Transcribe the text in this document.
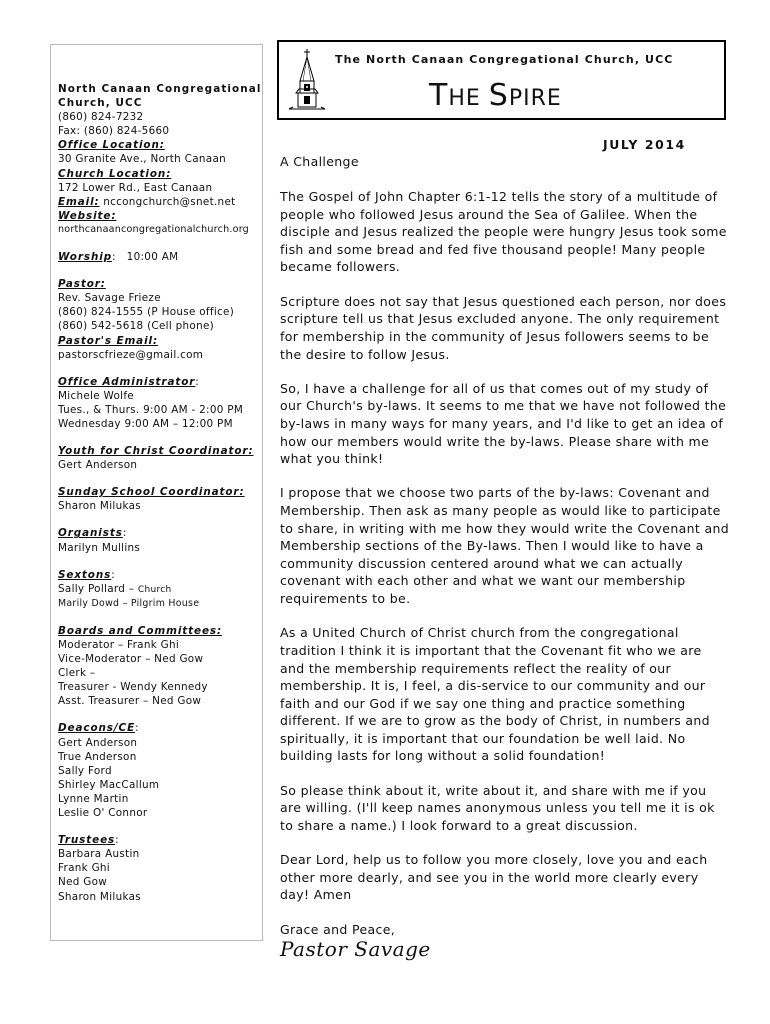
The North Canaan Congregational Church, UCC
THE SPIRE
JULY 2014
North Canaan Congregational
Church, UCC
(860) 824-7232
Fax: (860) 824-5660
Office Location:
30 Granite Ave., North Canaan
Church Location:
172 Lower Rd., East Canaan
Email: nccongchurch@snet.net
Website:
northcanaancongregationalchurch.org
Worship:   10:00 AM
Pastor:
Rev. Savage Frieze
(860) 824-1555 (P House office)
(860) 542-5618 (Cell phone)
Pastor's Email:
pastorscfrieze@gmail.com
Office Administrator:
Michele Wolfe
Tues., & Thurs. 9:00 AM - 2:00 PM
Wednesday 9:00 AM – 12:00 PM
Youth for Christ Coordinator:
Gert Anderson
Sunday School Coordinator:
Sharon Milukas
Organists:
Marilyn Mullins
Sextons:
Sally Pollard – Church
Marily Dowd – Pilgrim House
Boards and Committees:
Moderator – Frank Ghi
Vice-Moderator – Ned Gow
Clerk –
Treasurer - Wendy Kennedy
Asst. Treasurer – Ned Gow
Deacons/CE:
Gert Anderson
True Anderson
Sally Ford
Shirley MacCallum
Lynne Martin
Leslie O' Connor
Trustees:
Barbara Austin
Frank Ghi
Ned Gow
Sharon Milukas

A Challenge

The Gospel of John Chapter 6:1-12 tells the story of a multitude of people who followed Jesus around the Sea of Galilee. When the disciple and Jesus realized the people were hungry Jesus took some fish and some bread and fed five thousand people! Many people became followers.

Scripture does not say that Jesus questioned each person, nor does scripture tell us that Jesus excluded anyone. The only requirement for membership in the community of Jesus followers seems to be the desire to follow Jesus.

So, I have a challenge for all of us that comes out of my study of our Church's by-laws. It seems to me that we have not followed the by-laws in many ways for many years, and I'd like to get an idea of how our members would write the by-laws. Please share with me what you think!

I propose that we choose two parts of the by-laws: Covenant and Membership. Then ask as many people as would like to participate to share, in writing with me how they would write the Covenant and Membership sections of the By-laws. Then I would like to have a community discussion centered around what we can actually covenant with each other and what we want our membership requirements to be.

As a United Church of Christ church from the congregational tradition I think it is important that the Covenant fit who we are and the membership requirements reflect the reality of our membership. It is, I feel, a dis-service to our community and our faith and our God if we say one thing and practice something different. If we are to grow as the body of Christ, in numbers and spiritually, it is important that our foundation be well laid. No building lasts for long without a solid foundation!

So please think about it, write about it, and share with me if you are willing. (I'll keep names anonymous unless you tell me it is ok to share a name.) I look forward to a great discussion.

Dear Lord, help us to follow you more closely, love you and each other more dearly, and see you in the world more clearly every day! Amen

Grace and Peace,

Pastor Savage
